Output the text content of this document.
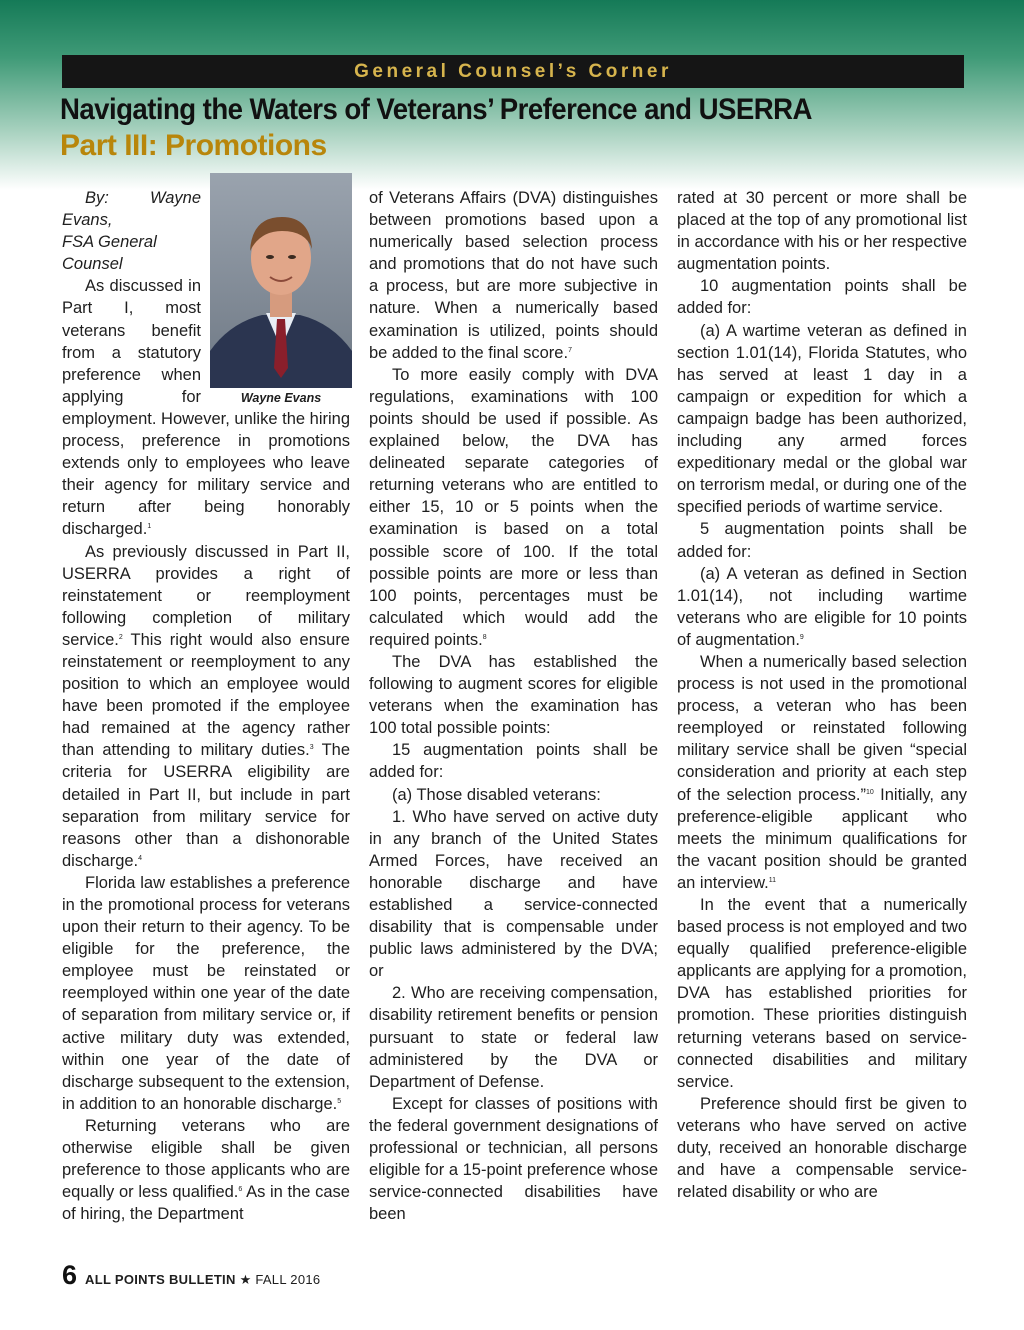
General Counsel’s Corner
Navigating the Waters of Veterans’ Preference and USERRA
Part III: Promotions
Wayne Evans

By: Wayne Evans,
FSA General
Counsel

As discussed in Part I, most veterans benefit from a statutory preference when applying for employment. However, unlike the hiring process, preference in promotions extends only to employees who leave their agency for military service and return after being honorably discharged.$^1$

As previously discussed in Part II, USERRA provides a right of reinstatement or reemployment following completion of military service.$^2$ This right would also ensure reinstatement or reemployment to any position to which an employee would have been promoted if the employee had remained at the agency rather than attending to military duties.$^3$ The criteria for USERRA eligibility are detailed in Part II, but include in part separation from military service for reasons other than a dishonorable discharge.$^4$

Florida law establishes a preference in the promotional process for veterans upon their return to their agency. To be eligible for the preference, the employee must be reinstated or reemployed within one year of the date of separation from military service or, if active military duty was extended, within one year of the date of discharge subsequent to the extension, in addition to an honorable discharge.$^5$

Returning veterans who are otherwise eligible shall be given preference to those applicants who are equally or less qualified.$^6$ As in the case of hiring, the Department

of Veterans Affairs (DVA) distinguishes between promotions based upon a numerically based selection process and promotions that do not have such a process, but are more subjective in nature. When a numerically based examination is utilized, points should be added to the final score.$^7$

To more easily comply with DVA regulations, examinations with 100 points should be used if possible. As explained below, the DVA has delineated separate categories of returning veterans who are entitled to either 15, 10 or 5 points when the examination is based on a total possible score of 100. If the total possible points are more or less than 100 points, percentages must be calculated which would add the required points.$^8$

The DVA has established the following to augment scores for eligible veterans when the examination has 100 total possible points:

15 augmentation points shall be added for:

(a) Those disabled veterans:

1. Who have served on active duty in any branch of the United States Armed Forces, have received an honorable discharge and have established a service-connected disability that is compensable under public laws administered by the DVA; or

2. Who are receiving compensation, disability retirement benefits or pension pursuant to state or federal law administered by the DVA or Department of Defense.

Except for classes of positions with the federal government designations of professional or technician, all persons eligible for a 15-point preference whose service-connected disabilities have been

rated at 30 percent or more shall be placed at the top of any promotional list in accordance with his or her respective augmentation points.

10 augmentation points shall be added for:

(a) A wartime veteran as defined in section 1.01(14), Florida Statutes, who has served at least 1 day in a campaign or expedition for which a campaign badge has been authorized, including any armed forces expeditionary medal or the global war on terrorism medal, or during one of the specified periods of wartime service.

5 augmentation points shall be added for:

(a) A veteran as defined in Section 1.01(14), not including wartime veterans who are eligible for 10 points of augmentation.$^9$

When a numerically based selection process is not used in the promotional process, a veteran who has been reemployed or reinstated following military service shall be given “special consideration and priority at each step of the selection process.”$^{10}$ Initially, any preference-eligible applicant who meets the minimum qualifications for the vacant position should be granted an interview.$^{11}$

In the event that a numerically based process is not employed and two equally qualified preference-eligible applicants are applying for a promotion, DVA has established priorities for promotion. These priorities distinguish returning veterans based on service-connected disabilities and military service.

Preference should first be given to veterans who have served on active duty, received an honorable discharge and have a compensable service-related disability or who are

6 ALL POINTS BULLETIN ★ FALL 2016
